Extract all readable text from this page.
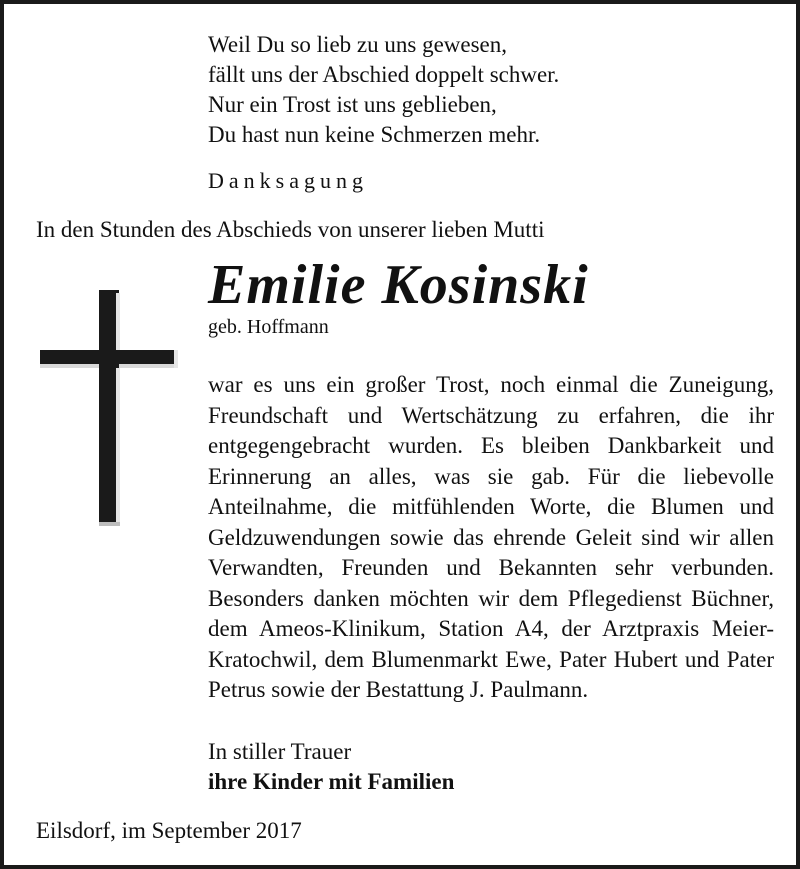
Weil Du so lieb zu uns gewesen,
fällt uns der Abschied doppelt schwer.
Nur ein Trost ist uns geblieben,
Du hast nun keine Schmerzen mehr.
Danksagung
In den Stunden des Abschieds von unserer lieben Mutti
Emilie Kosinski
geb. Hoffmann
war es uns ein großer Trost, noch einmal die Zuneigung, Freundschaft und Wertschätzung zu erfahren, die ihr entgegengebracht wurden. Es bleiben Dankbarkeit und Erinnerung an alles, was sie gab. Für die liebevolle Anteilnahme, die mitfühlenden Worte, die Blumen und Geldzuwendungen sowie das ehrende Geleit sind wir allen Verwandten, Freunden und Bekannten sehr verbunden. Besonders danken möchten wir dem Pflegedienst Büchner, dem Ameos-Klinikum, Station A4, der Arztpraxis Meier-Kratochwil, dem Blumenmarkt Ewe, Pater Hubert und Pater Petrus sowie der Bestattung J. Paulmann.
In stiller Trauer
ihre Kinder mit Familien
Eilsdorf, im September 2017
